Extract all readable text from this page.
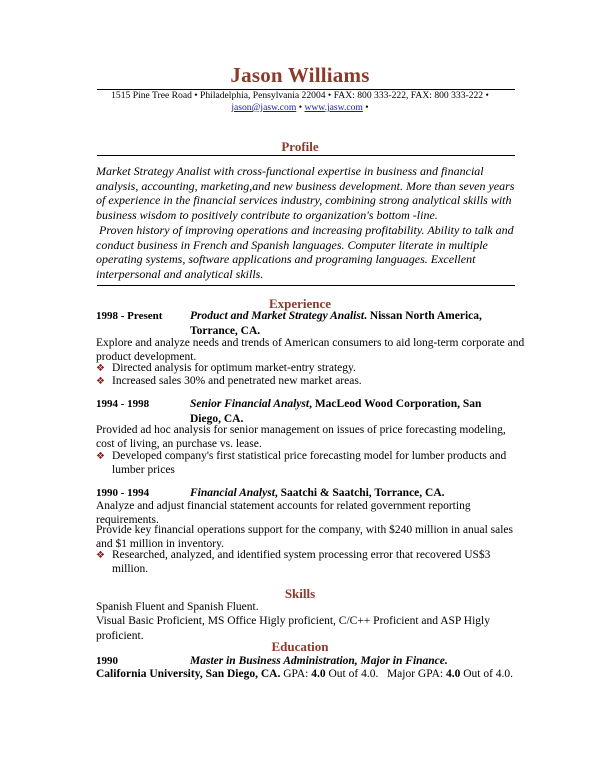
Jason Williams
1515 Pine Tree Road • Philadelphia, Pensylvania 22004 • FAX: 800 333-222, FAX: 800 333-222 •
jason@jasw.com • www.jasw.com •
Profile

Market Strategy Analist with cross-functional expertise in business and financial analysis, accounting, marketing,and new business development. More than seven years of experience in the financial services industry, combining strong analytical skills with business wisdom to positively contribute to organization's bottom -line.

Proven history of improving operations and increasing profitability. Ability to talk and conduct business in French and Spanish languages. Computer literate in multiple operating systems, software applications and programing languages. Excellent interpersonal and analytical skills.

Experience
1998 - Present Product and Market Strategy Analist. Nissan North America, Torrance, CA.
Explore and analyze needs and trends of American consumers to aid long-term corporate and product development.
❖ Directed analysis for optimum market-entry strategy.
❖ Increased sales 30% and penetrated new market areas.
1994 - 1998	Senior Financial Analyst, MacLeod Wood Corporation, San Diego, CA.
Provided ad hoc analysis for senior management on issues of price forecasting modeling, cost of living, an purchase vs. lease.
❖ Developed company's first statistical price forecasting model for lumber products and lumber prices
1990 - 1994	Financial Analyst, Saatchi & Saatchi, Torrance, CA.
Analyze and adjust financial statement accounts for related government reporting requirements.
Provide key financial operations support for the company, with $240 million in anual sales and $1 million in inventory.
❖ Researched, analyzed, and identified system processing error that recovered US$3 million.
Skills
Spanish Fluent and Spanish Fluent.
Visual Basic Proficient, MS Office Higly proficient, C/C++ Proficient and ASP Higly proficient.
Education
1990	Master in Business Administration, Major in Finance.
California University, San Diego, CA. GPA: 4.0 Out of 4.0.   Major GPA: 4.0 Out of 4.0.
